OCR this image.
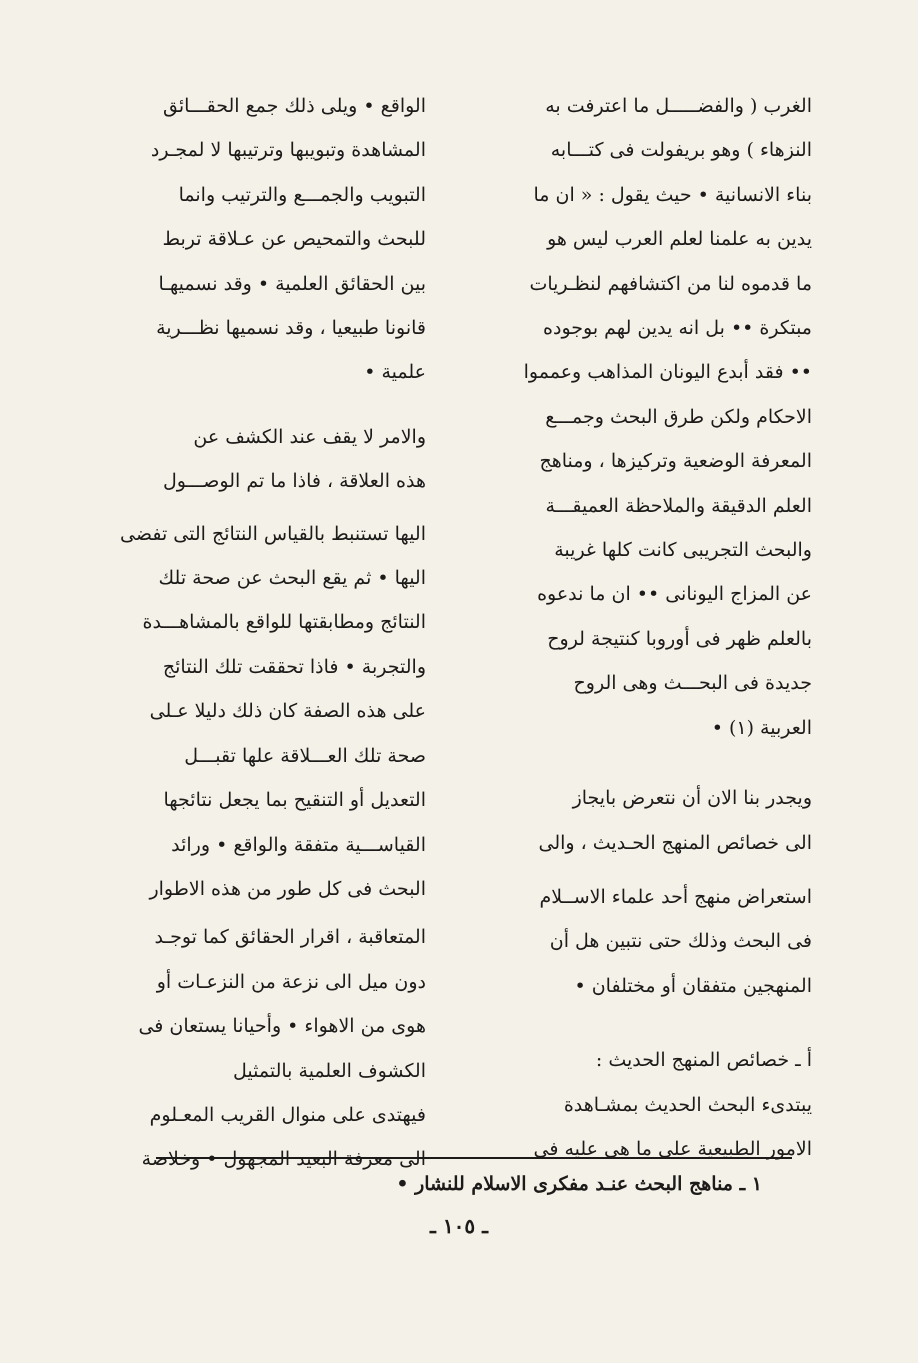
الغرب ( والفضـــــل ما اعترفت به
النزهاء ) وهو بريفولت فى كتـــابه
بناء الانسانية • حيث يقول : « ان ما
يدين به علمنا لعلم العرب ليس هو
ما قدموه لنا من اكتشافهم لنظـريات
مبتكرة •• بل انه يدين لهم بوجوده
•• فقد أبدع اليونان المذاهب وعمموا
الاحكام ولكن طرق البحث وجمـــع
المعرفة الوضعية وتركيزها ، ومناهج
العلم الدقيقة والملاحظة العميقـــة
والبحث التجريبى كانت كلها غريبة
عن المزاج اليونانى •• ان ما ندعوه
بالعلم ظهر فى أوروبا كنتيجة لروح
جديدة فى البحـــث وهى الروح
العربية (١) •

ويجدر بنا الان أن نتعرض بايجاز
الى خصائص المنهج الحـديث ، والى

استعراض منهج أحد علماء الاســلام
فى البحث وذلك حتى نتبين هل أن
المنهجين متفقان أو مختلفان •

أ ـ خصائص المنهج الحديث :
يبتدىء البحث الحديث بمشـاهدة
الامور الطبيعية على ما هى عليه فى

الواقع • ويلى ذلك جمع الحقـــائق
المشاهدة وتبويبها وترتيبها لا لمجـرد
التبويب والجمـــع والترتيب وانما
للبحث والتمحيص عن عـلاقة تربط
بين الحقائق العلمية • وقد نسميهـا
قانونا طبيعيا ، وقد نسميها نظـــرية
علمية •

والامر لا يقف عند الكشف عن
هذه العلاقة ، فاذا ما تم الوصـــول

اليها تستنبط بالقياس النتائج التى تفضى
اليها • ثم يقع البحث عن صحة تلك
النتائج ومطابقتها للواقع بالمشاهـــدة
والتجربة • فاذا تحققت تلك النتائج
على هذه الصفة كان ذلك دليلا عـلى
صحة تلك العـــلاقة علها تقبـــل
التعديل أو التنقيح بما يجعل نتائجها
القياســـية متفقة والواقع • ورائد
البحث فى كل طور من هذه الاطوار

المتعاقبة ، اقرار الحقائق كما توجـد
دون ميل الى نزعة من النزعـات أو
هوى من الاهواء • وأحيانا يستعان فى
الكشوف العلمية بالتمثيل
فيهتدى على منوال القريب المعـلوم
الى معرفة البعيد المجهول • وخلاصة

١ ـ مناهج البحث عنـد مفكرى الاسلام للنشار •
ـ ١٠٥ ـ
